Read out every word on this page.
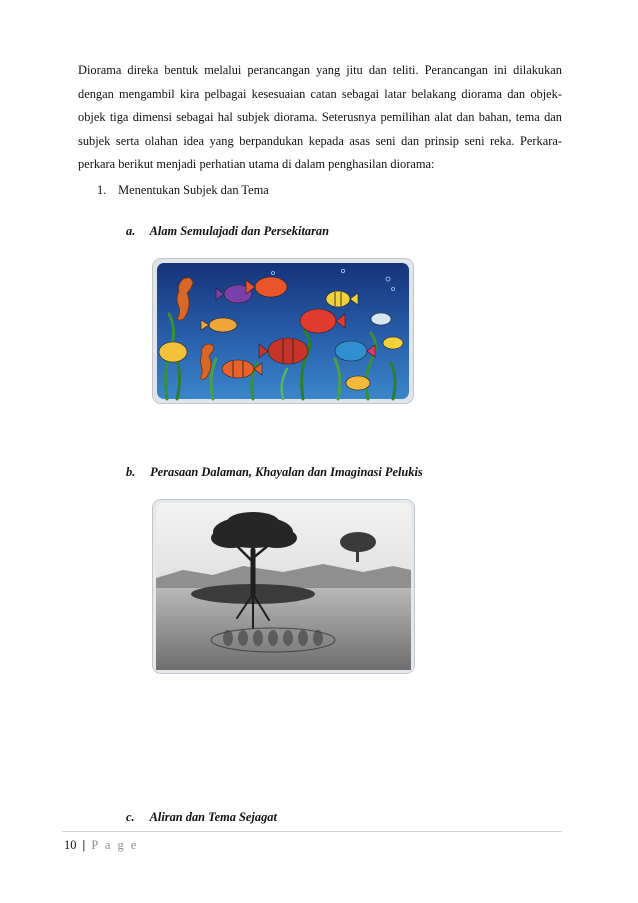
Diorama direka bentuk melalui perancangan yang jitu dan teliti. Perancangan ini dilakukan dengan mengambil kira pelbagai kesesuaian catan sebagai latar belakang diorama dan objek-objek tiga dimensi sebagai hal subjek diorama. Seterusnya pemilihan alat dan bahan, tema dan subjek serta olahan idea yang berpandukan kepada asas seni dan prinsip seni reka. Perkara-perkara berikut menjadi perhatian utama di dalam penghasilan diorama:

1. Menentukan Subjek dan Tema
a. Alam Semulajadi dan Persekitaran
b. Perasaan Dalaman, Khayalan dan Imaginasi Pelukis
c. Aliran dan Tema Sejagat
10 | P a g e
